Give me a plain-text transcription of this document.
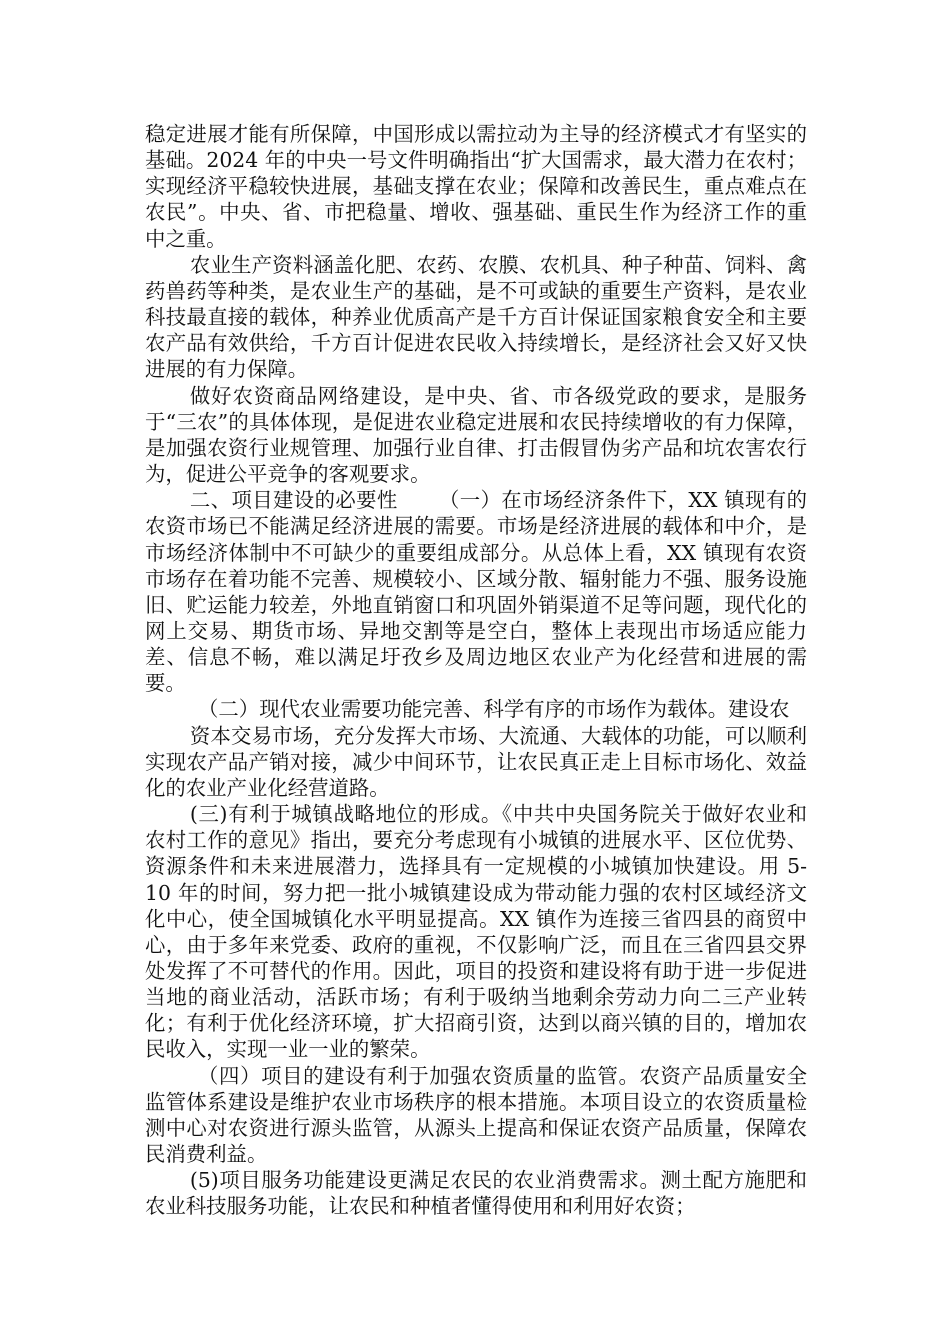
稳定进展才能有所保障，中国形成以需拉动为主导的经济模式才有坚实的基础。2024 年的中央一号文件明确指出“扩大国需求，最大潜力在农村；  实现经济平稳较快进展，基础支撑在农业；保障和改善民生，重点难点在农民”。中央、省、市把稳量、增收、强基础、重民生作为经济工作的重中之重。

农业生产资料涵盖化肥、农药、农膜、农机具、种子种苗、饲料、禽药兽药等种类，是农业生产的基础，是不可或缺的重要生产资料，是农业科技最直接的载体，种养业优质高产是千方百计保证国家粮食安全和主要农产品有效供给，千方百计促进农民收入持续增长，是经济社会又好又快进展的有力保障。

做好农资商品网络建设，是中央、省、市各级党政的要求，是服务于“三农”的具体体现，是促进农业稳定进展和农民持续增收的有力保障，是加强农资行业规管理、加强行业自律、打击假冒伪劣产品和坑农害农行为，促进公平竞争的客观要求。

二、项目建设的必要性      （一）在市场经济条件下，XX 镇现有的农资市场已不能满足经济进展的需要。市场是经济进展的载体和中介，是市场经济体制中不可缺少的重要组成部分。从总体上看，XX 镇现有农资市场存在着功能不完善、规模较小、区域分散、辐射能力不强、服务设施旧、贮运能力较差，外地直销窗口和巩固外销渠道不足等问题，现代化的网上交易、期货市场、异地交割等是空白，整体上表现出市场适应能力差、信息不畅，难以满足圩孜乡及周边地区农业产为化经营和进展的需要。

（二）现代农业需要功能完善、科学有序的市场作为载体。建设农

资本交易市场，充分发挥大市场、大流通、大载体的功能，可以顺利实现农产品产销对接，减少中间环节，让农民真正走上目标市场化、效益化的农业产业化经营道路。

(三)有利于城镇战略地位的形成。《中共中央国务院关于做好农业和农村工作的意见》指出，要充分考虑现有小城镇的进展水平、区位优势、资源条件和未来进展潜力，选择具有一定规模的小城镇加快建设。用 5-10 年的时间，努力把一批小城镇建设成为带动能力强的农村区域经济文化中心，使全国城镇化水平明显提高。XX 镇作为连接三省四县的商贸中心，由于多年来党委、政府的重视，不仅影响广泛，而且在三省四县交界处发挥了不可替代的作用。因此，项目的投资和建设将有助于进一步促进当地的商业活动，活跃市场；有利于吸纳当地剩余劳动力向二三产业转化；有利于优化经济环境，扩大招商引资，达到以商兴镇的目的，增加农民收入，实现一业一业的繁荣。

（四）项目的建设有利于加强农资质量的监管。农资产品质量安全 监管体系建设是维护农业市场秩序的根本措施。本项目设立的农资质量检测中心对农资进行源头监管，从源头上提高和保证农资产品质量，保障农民消费利益。

(5)项目服务功能建设更满足农民的农业消费需求。测土配方施肥和农业科技服务功能，让农民和种植者懂得使用和利用好农资；
